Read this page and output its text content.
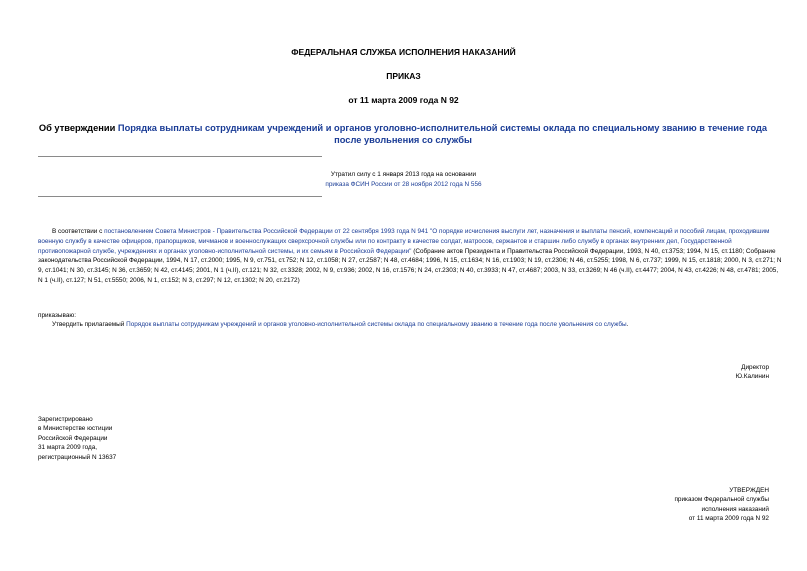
ФЕДЕРАЛЬНАЯ СЛУЖБА ИСПОЛНЕНИЯ НАКАЗАНИЙ
ПРИКАЗ
от 11 марта 2009 года N 92
Об утверждении Порядка выплаты сотрудникам учреждений и органов уголовно-исполнительной системы оклада по специальному званию в течение года после увольнения со службы
Утратил силу с 1 января 2013 года на основании
приказа ФСИН России от 28 ноября 2012 года N 556
В соответствии с постановлением Совета Министров - Правительства Российской Федерации от 22 сентября 1993 года N 941 "О порядке исчисления выслуги лет, назначения и выплаты пенсий, компенсаций и пособий лицам, проходившим военную службу в качестве офицеров, прапорщиков, мичманов и военнослужащих сверхсрочной службы или по контракту в качестве солдат, матросов, сержантов и старшин либо службу в органах внутренних дел, Государственной противопожарной службе, учреждениях и органах уголовно-исполнительной системы, и их семьям в Российской Федерации" (Собрание актов Президента и Правительства Российской Федерации, 1993, N 40, ст.3753; 1994, N 15, ст.1180; Собрание законодательства Российской Федерации, 1994, N 17, ст.2000; 1995, N 9, ст.751, ст.752; N 12, ст.1058; N 27, ст.2587; N 48, ст.4684; 1996, N 15, ст.1634; N 16, ст.1903; N 19, ст.2306; N 46, ст.5255; 1998, N 6, ст.737; 1999, N 15, ст.1818; 2000, N 3, ст.271; N 9, ст.1041; N 30, ст.3145; N 36, ст.3659; N 42, ст.4145; 2001, N 1 (ч.II), ст.121; N 32, ст.3328; 2002, N 9, ст.936; 2002, N 16, ст.1576; N 24, ст.2303; N 40, ст.3933; N 47, ст.4687; 2003, N 33, ст.3269; N 46 (ч.II), ст.4477; 2004, N 43, ст.4226; N 48, ст.4781; 2005, N 1 (ч.II), ст.127; N 51, ст.5550; 2006, N 1, ст.152; N 3, ст.297; N 12, ст.1302; N 20, ст.2172)
приказываю:
Утвердить прилагаемый Порядок выплаты сотрудникам учреждений и органов уголовно-исполнительной системы оклада по специальному званию в течение года после увольнения со службы.
Директор
Ю.Калинин
Зарегистрировано
в Министерстве юстиции
Российской Федерации
31 марта 2009 года,
регистрационный N 13637
УТВЕРЖДЕН
приказом Федеральной службы
исполнения наказаний
от 11 марта 2009 года N 92
